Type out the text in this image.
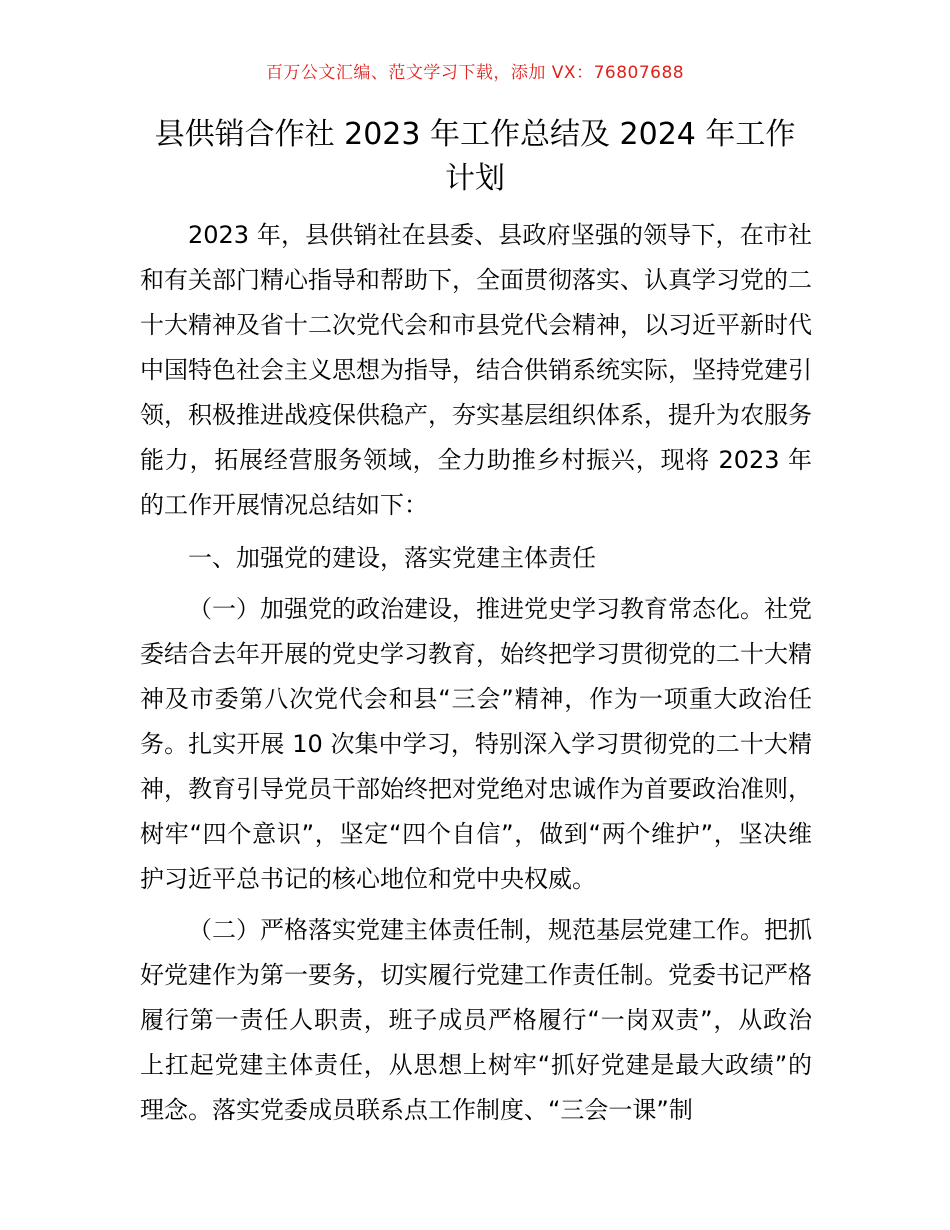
百万公文汇编、范文学习下载，添加 VX：76807688
县供销合作社 2023 年工作总结及 2024 年工作计划

2023 年，县供销社在县委、县政府坚强的领导下，在市社和有关部门精心指导和帮助下，全面贯彻落实、认真学习党的二十大精神及省十二次党代会和市县党代会精神，以习近平新时代中国特色社会主义思想为指导，结合供销系统实际，坚持党建引领，积极推进战疫保供稳产，夯实基层组织体系，提升为农服务能力，拓展经营服务领域，全力助推乡村振兴，现将 2023 年的工作开展情况总结如下：

一、加强党的建设，落实党建主体责任

（一）加强党的政治建设，推进党史学习教育常态化。社党委结合去年开展的党史学习教育，始终把学习贯彻党的二十大精神及市委第八次党代会和县“三会”精神，作为一项重大政治任务。扎实开展 10 次集中学习，特别深入学习贯彻党的二十大精神，教育引导党员干部始终把对党绝对忠诚作为首要政治准则，树牢“四个意识”，坚定“四个自信”，做到“两个维护”，坚决维护习近平总书记的核心地位和党中央权威。

（二）严格落实党建主体责任制，规范基层党建工作。把抓好党建作为第一要务，切实履行党建工作责任制。党委书记严格履行第一责任人职责，班子成员严格履行“一岗双责”，从政治上扛起党建主体责任，从思想上树牢“抓好党建是最大政绩”的理念。落实党委成员联系点工作制度、“三会一课”制
